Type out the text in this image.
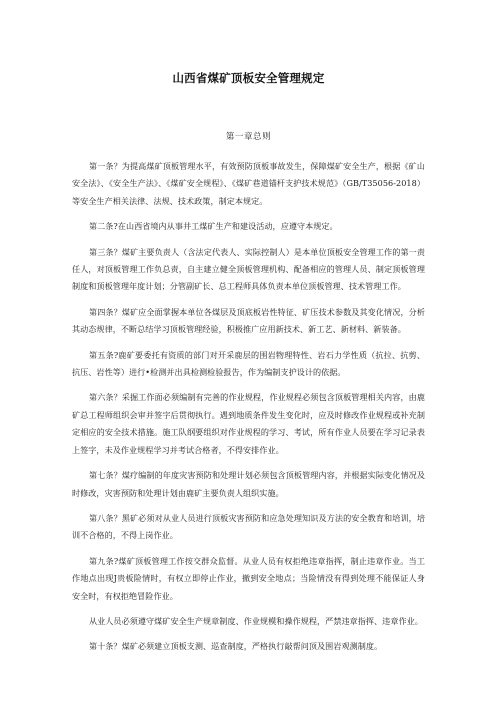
山西省煤矿顶板安全管理规定
第一章总则

第一条？为提高煤矿顶板管理水平，有效预防顶板事故发生，保障煤矿安全生产，根据《矿山安全法》、《安全生产法》、《煤矿安全规程》、《煤矿巷道锚杆支护技术规范》（GB/T35056-2018）等安全生产相关法律、法规、技术政策，制定本规定。

第二条?在山西省境内从事井工煤矿生产和建设活动，应遵守本规定。

第三条？煤矿主要负责人（含法定代表人、实际控制人）是本单位顶板安全管理工作的第一责任人，对顶板管理工作负总责，自主建立健全顶板管理机构、配备相应的管理人员、制定顶板管理制度和顶板管理年度计划；分管副矿长、总工程师具体负责本单位顶板管理、技术管理工作。

第四条？煤矿应全面掌握本单位各煤层及顶底板岩性特征、矿压技术参数及其变化情况，分析其动态规律，不断总结学习顶板管理经验，积极推广应用新技术、新工艺、新材料、新装备。

第五条?鹿矿要委托有资质的部门对开采鹿层的围岩物理特性、岩石力学性质（抗拉、抗剪、抗压、岩性等）进行•检测并出具检测检验报告，作为编制支护设计的依据。

第六条？采掘工作面必须编制有完善的作业规程，作业规程必须包含顶板管理相关内容，由鹿矿总工程师组织会审并签字后贯彻执行。遇到地质条件发生变化时，应及时修改作业规程或补充制定相应的安全技术措施。施工队纲要组织对作业规程的学习、考试，所有作业人员要在学习记录表上签字，未及作业规程学习并考试合格者，不得安排作业。

第七条？煤疗编制的年度灾害预防和处理计划必须包含顶板管理内容，并根据实际变化情况及时修改，灾害预防和处理计划由鹿矿主要负责人组织实施。

第八条？黑矿必须对从业人员进行顶板灾害预防和应急处理知识及方法的安全教育和培训，培训不合格的，不得上岗作业。

第九条?煤矿顶板管理工作按交群众监督。从业人员有权拒绝违章指挥，制止违章作业。当工作地点出现J贵板险情时，有权立即停止作业，撤到安全地点；当险情没有得到处理不能保证人身安全时，有权拒绝冒险作业。

从业人员必须遵守煤矿安全生产规章制度、作业规模和操作规程，严禁违章指挥、违章作业。

第十条？煤矿必须建立顶板支测、巡查制度，严格执行敲帮问顶及围岩观测制度。
